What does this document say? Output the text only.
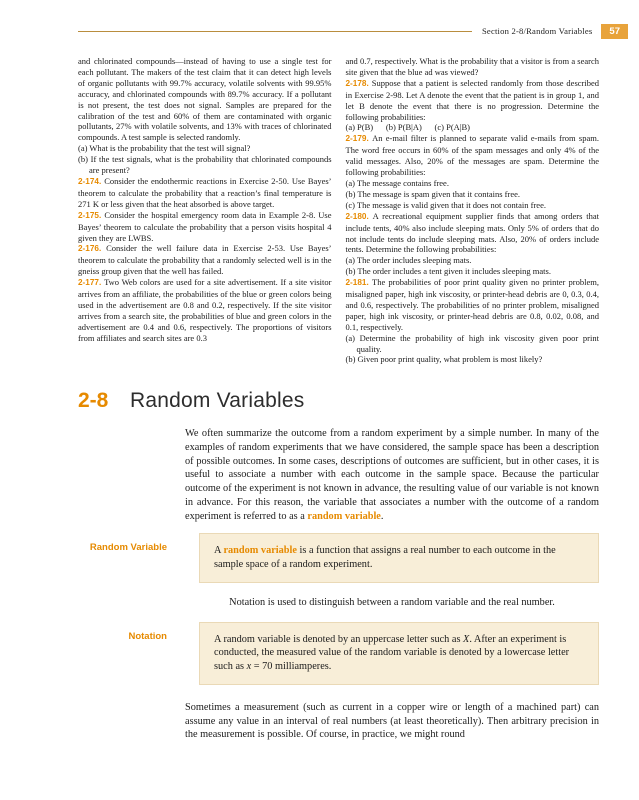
Section 2-8/Random Variables	57

and chlorinated compounds—instead of having to use a single test for each pollutant. The makers of the test claim that it can detect high levels of organic pollutants with 99.7% accuracy, volatile solvents with 99.95% accuracy, and chlorinated compounds with 89.7% accuracy. If a pollutant is not present, the test does not signal. Samples are prepared for the calibration of the test and 60% of them are contaminated with organic pollutants, 27% with volatile solvents, and 13% with traces of chlorinated compounds. A test sample is selected randomly.

(a) What is the probability that the test will signal?

(b) If the test signals, what is the probability that chlorinated compounds are present?

2-174. Consider the endothermic reactions in Exercise 2-50. Use Bayes’ theorem to calculate the probability that a reaction’s final temperature is 271 K or less given that the heat absorbed is above target.

2-175. Consider the hospital emergency room data in Example 2-8. Use Bayes’ theorem to calculate the probability that a person visits hospital 4 given they are LWBS.

2-176. Consider the well failure data in Exercise 2-53. Use Bayes’ theorem to calculate the probability that a randomly selected well is in the gneiss group given that the well has failed.

2-177. Two Web colors are used for a site advertisement. If a site visitor arrives from an affiliate, the probabilities of the blue or green colors being used in the advertisement are 0.8 and 0.2, respectively. If the site visitor arrives from a search site, the probabilities of blue and green colors in the advertisement are 0.4 and 0.6, respectively. The proportions of visitors from affiliates and search sites are 0.3

and 0.7, respectively. What is the probability that a visitor is from a search site given that the blue ad was viewed?

2-178. Suppose that a patient is selected randomly from those described in Exercise 2-98. Let A denote the event that the patient is in group 1, and let B denote the event that there is no progression. Determine the following probabilities:

(a) P(B)      (b) P(B|A)      (c) P(A|B)

2-179. An e-mail filter is planned to separate valid e-mails from spam. The word free occurs in 60% of the spam messages and only 4% of the valid messages. Also, 20% of the messages are spam. Determine the following probabilities:

(a) The message contains free.

(b) The message is spam given that it contains free.

(c) The message is valid given that it does not contain free.

2-180. A recreational equipment supplier finds that among orders that include tents, 40% also include sleeping mats. Only 5% of orders that do not include tents do include sleeping mats. Also, 20% of orders include tents. Determine the following probabilities:

(a) The order includes sleeping mats.

(b) The order includes a tent given it includes sleeping mats.

2-181. The probabilities of poor print quality given no printer problem, misaligned paper, high ink viscosity, or printer-head debris are 0, 0.3, 0.4, and 0.6, respectively. The probabilities of no printer problem, misaligned paper, high ink viscosity, or printer-head debris are 0.8, 0.02, 0.08, and 0.1, respectively.

(a) Determine the probability of high ink viscosity given poor print quality.

(b) Given poor print quality, what problem is most likely?

2-8	Random Variables

We often summarize the outcome from a random experiment by a simple number. In many of the examples of random experiments that we have considered, the sample space has been a description of possible outcomes. In some cases, descriptions of outcomes are sufficient, but in other cases, it is useful to associate a number with each outcome in the sample space. Because the particular outcome of the experiment is not known in advance, the resulting value of our variable is not known in advance. For this reason, the variable that associates a number with the outcome of a random experiment is referred to as a random variable.

Random Variable	A random variable is a function that assigns a real number to each outcome in the sample space of a random experiment.

Notation is used to distinguish between a random variable and the real number.

Notation	A random variable is denoted by an uppercase letter such as X. After an experiment is conducted, the measured value of the random variable is denoted by a lowercase letter such as x = 70 milliamperes.

Sometimes a measurement (such as current in a copper wire or length of a machined part) can assume any value in an interval of real numbers (at least theoretically). Then arbitrary precision in the measurement is possible. Of course, in practice, we might round
